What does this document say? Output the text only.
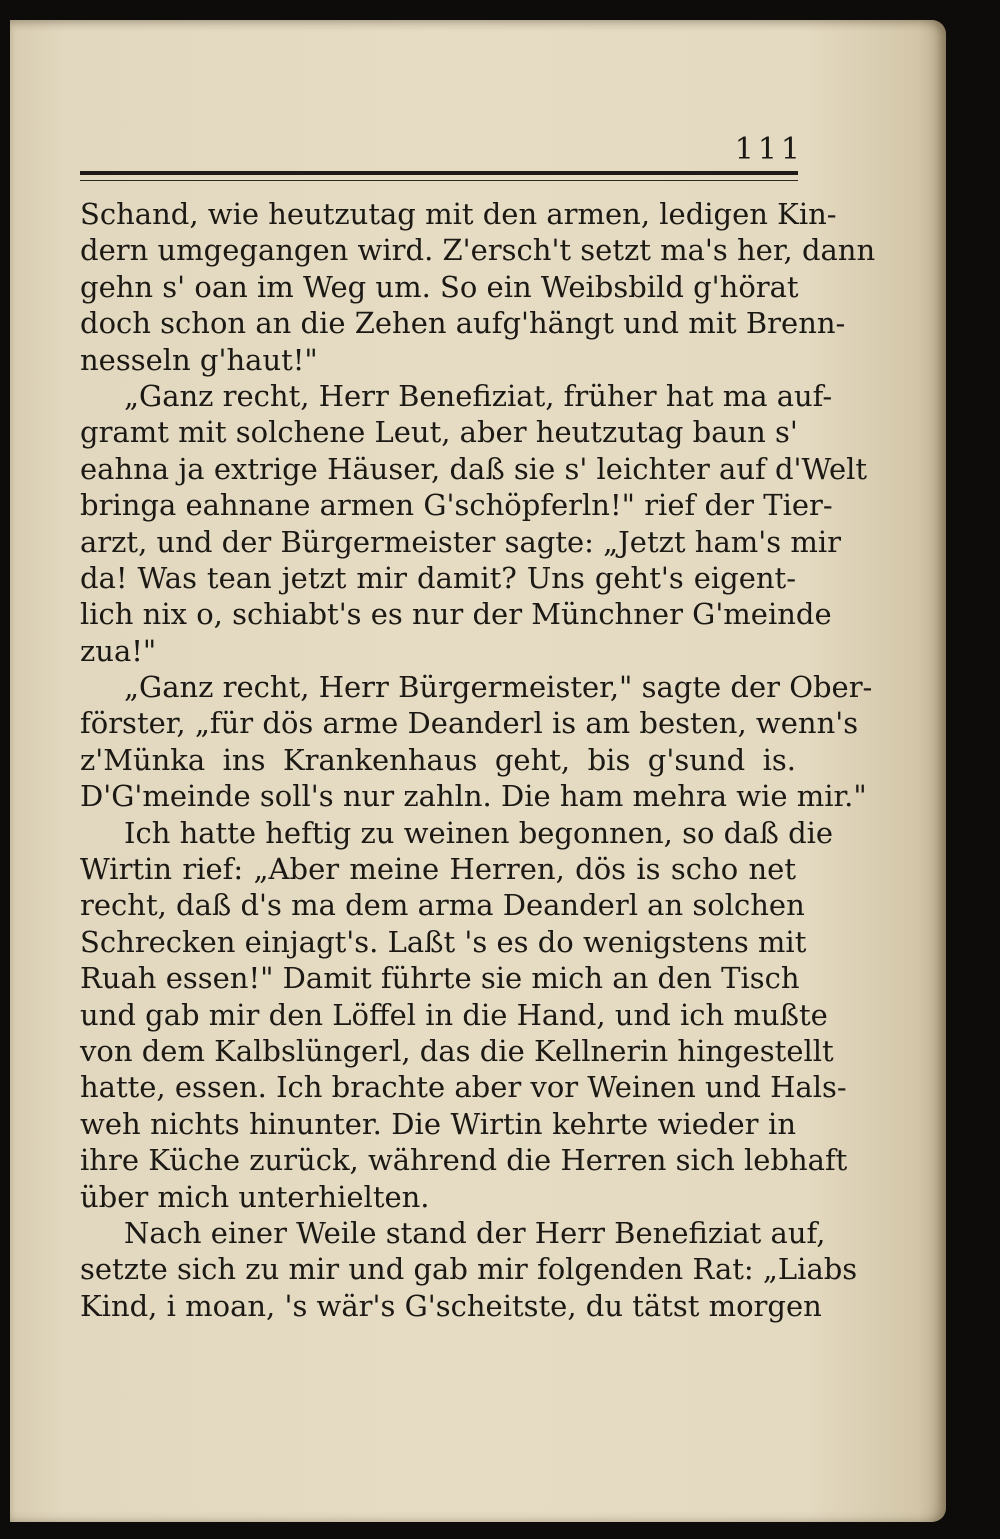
111
Schand, wie heutzutag mit den armen, ledigen Kin-
dern umgegangen wird. Z'ersch't setzt ma's her, dann
gehn s' oan im Weg um. So ein Weibsbild g'hörat
doch schon an die Zehen aufg'hängt und mit Brenn-
nesseln g'haut!"
„Ganz recht, Herr Benefiziat, früher hat ma auf-
gramt mit solchene Leut, aber heutzutag baun s'
eahna ja extrige Häuser, daß sie s' leichter auf d'Welt
bringa eahnane armen G'schöpferln!" rief der Tier-
arzt, und der Bürgermeister sagte: „Jetzt ham's mir
da! Was tean jetzt mir damit? Uns geht's eigent-
lich nix o, schiabt's es nur der Münchner G'meinde
zua!"
„Ganz recht, Herr Bürgermeister," sagte der Ober-
förster, „für dös arme Deanderl is am besten, wenn's
z'Münka ins Krankenhaus geht, bis g'sund is.
D'G'meinde soll's nur zahln. Die ham mehra wie mir."
Ich hatte heftig zu weinen begonnen, so daß die
Wirtin rief: „Aber meine Herren, dös is scho net
recht, daß d's ma dem arma Deanderl an solchen
Schrecken einjagt's. Laßt 's es do wenigstens mit
Ruah essen!" Damit führte sie mich an den Tisch
und gab mir den Löffel in die Hand, und ich mußte
von dem Kalbslüngerl, das die Kellnerin hingestellt
hatte, essen. Ich brachte aber vor Weinen und Hals-
weh nichts hinunter. Die Wirtin kehrte wieder in
ihre Küche zurück, während die Herren sich lebhaft
über mich unterhielten.
Nach einer Weile stand der Herr Benefiziat auf,
setzte sich zu mir und gab mir folgenden Rat: „Liabs
Kind, i moan, 's wär's G'scheitste, du tätst morgen
